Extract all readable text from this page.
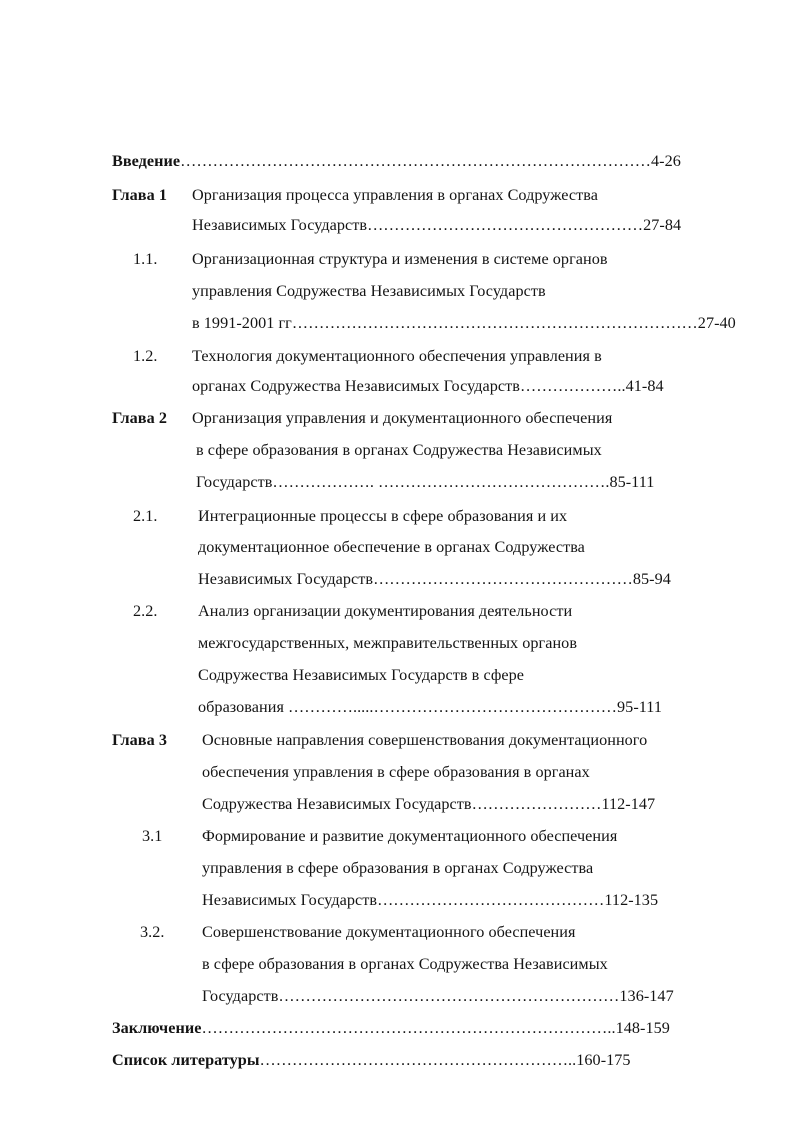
Введение……………………………………………………………………………4-26
Глава 1 Организация процесса управления в органах Содружества
Независимых Государств……………………………………………27-84
1.1. Организационная структура и изменения в системе органов
управления Содружества Независимых Государств
в 1991-2001 гг…………………………………………………………………27-40
1.2. Технология документационного обеспечения управления в
органах Содружества Независимых Государств………………..41-84
Глава 2 Организация управления и документационного обеспечения
в сфере образования в органах Содружества Независимых
Государств………………. …………………………………….85-111
2.1.	Интеграционные процессы в сфере образования и их
документационное обеспечение в органах Содружества
Независимых Государств…………………………………………85-94
2.2.	Анализ организации документирования деятельности
межгосударственных, межправительственных органов
Содружества Независимых Государств в сфере
образования ………….....………………………………………95-111
Глава 3 Основные направления совершенствования документационного
обеспечения управления в сфере образования в органах
Содружества Независимых Государств……………………112-147
3.1 Формирование и развитие документационного обеспечения
управления в сфере образования в органах Содружества
Независимых Государств……………………………………112-135
3.2. Совершенствование документационного обеспечения
в сфере образования в органах Содружества Независимых
Государств………………………………………………………136-147
Заключение…………………………………………………………………..148-159
Список литературы…………………………………………………..160-175
